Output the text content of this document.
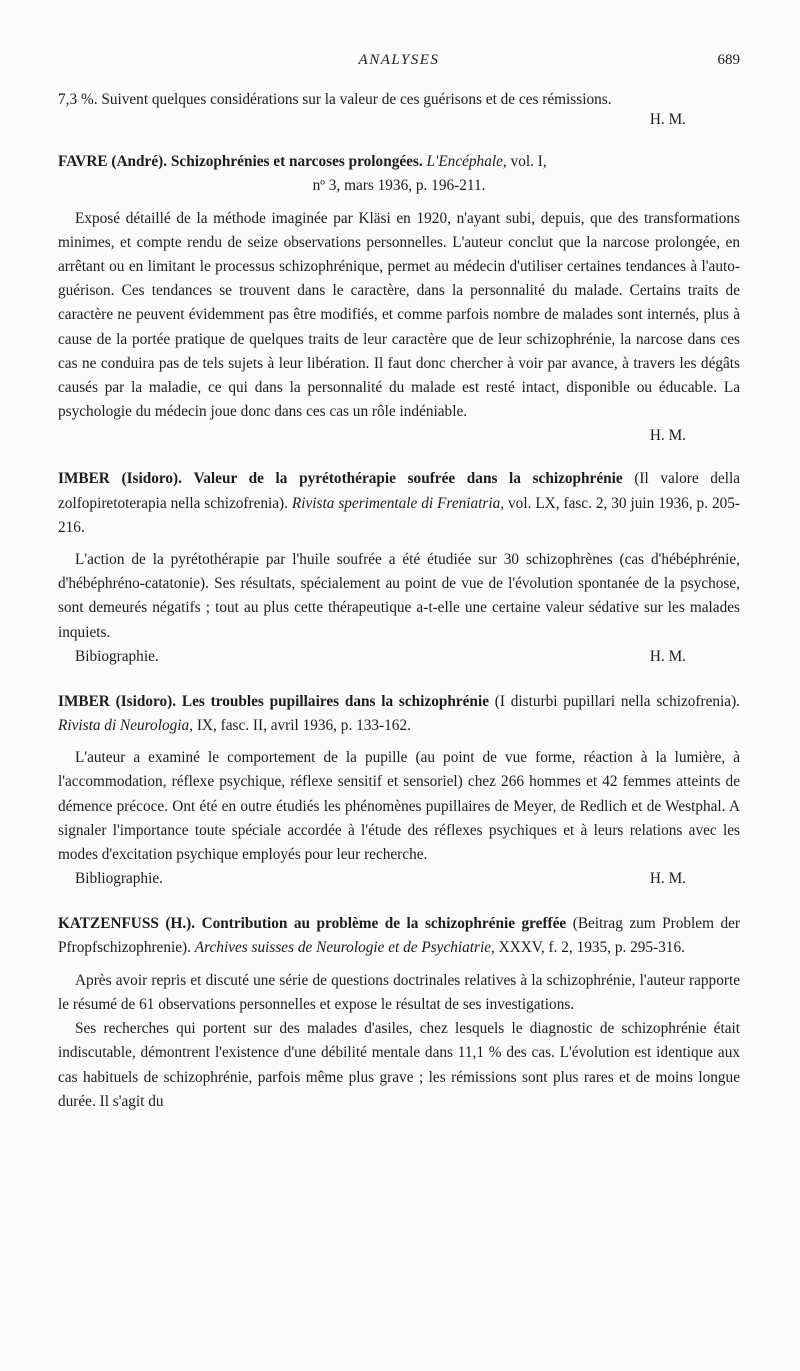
ANALYSES	689

7,3 %. Suivent quelques considérations sur la valeur de ces guérisons et de ces rémissions.

H. M.

FAVRE (André). Schizophrénies et narcoses prolongées. L'Encéphale, vol. I,

nº 3, mars 1936, p. 196-211.

Exposé détaillé de la méthode imaginée par Kläsi en 1920, n'ayant subi, depuis, que des transformations minimes, et compte rendu de seize observations personnelles. L'auteur conclut que la narcose prolongée, en arrêtant ou en limitant le processus schizophrénique, permet au médecin d'utiliser certaines tendances à l'auto-guérison. Ces tendances se trouvent dans le caractère, dans la personnalité du malade. Certains traits de caractère ne peuvent évidemment pas être modifiés, et comme parfois nombre de malades sont internés, plus à cause de la portée pratique de quelques traits de leur caractère que de leur schizophrénie, la narcose dans ces cas ne conduira pas de tels sujets à leur libération. Il faut donc chercher à voir par avance, à travers les dégâts causés par la maladie, ce qui dans la personnalité du malade est resté intact, disponible ou éducable. La psychologie du médecin joue donc dans ces cas un rôle indéniable.

H. M.

IMBER (Isidoro). Valeur de la pyrétothérapie soufrée dans la schizophrénie (Il valore della zolfopiretoterapia nella schizofrenia). Rivista sperimentale di Freniatria, vol. LX, fasc. 2, 30 juin 1936, p. 205-216.

L'action de la pyrétothérapie par l'huile soufrée a été étudiée sur 30 schizophrènes (cas d'hébéphrénie, d'hébéphréno-catatonie). Ses résultats, spécialement au point de vue de l'évolution spontanée de la psychose, sont demeurés négatifs ; tout au plus cette thérapeutique a-t-elle une certaine valeur sédative sur les malades inquiets.

Bibiographie.	H. M.

IMBER (Isidoro). Les troubles pupillaires dans la schizophrénie (I disturbi pupillari nella schizofrenia). Rivista di Neurologia, IX, fasc. II, avril 1936, p. 133-162.

L'auteur a examiné le comportement de la pupille (au point de vue forme, réaction à la lumière, à l'accommodation, réflexe psychique, réflexe sensitif et sensoriel) chez 266 hommes et 42 femmes atteints de démence précoce. Ont été en outre étudiés les phénomènes pupillaires de Meyer, de Redlich et de Westphal. A signaler l'importance toute spéciale accordée à l'étude des réflexes psychiques et à leurs relations avec les modes d'excitation psychique employés pour leur recherche.

Bibliographie.	H. M.

KATZENFUSS (H.). Contribution au problème de la schizophrénie greffée (Beitrag zum Problem der Pfropfschizophrenie). Archives suisses de Neurologie et de Psychiatrie, XXXV, f. 2, 1935, p. 295-316.

Après avoir repris et discuté une série de questions doctrinales relatives à la schizophrénie, l'auteur rapporte le résumé de 61 observations personnelles et expose le résultat de ses investigations.

Ses recherches qui portent sur des malades d'asiles, chez lesquels le diagnostic de schizophrénie était indiscutable, démontrent l'existence d'une débilité mentale dans 11,1 % des cas. L'évolution est identique aux cas habituels de schizophrénie, parfois même plus grave ; les rémissions sont plus rares et de moins longue durée. Il s'agit du
